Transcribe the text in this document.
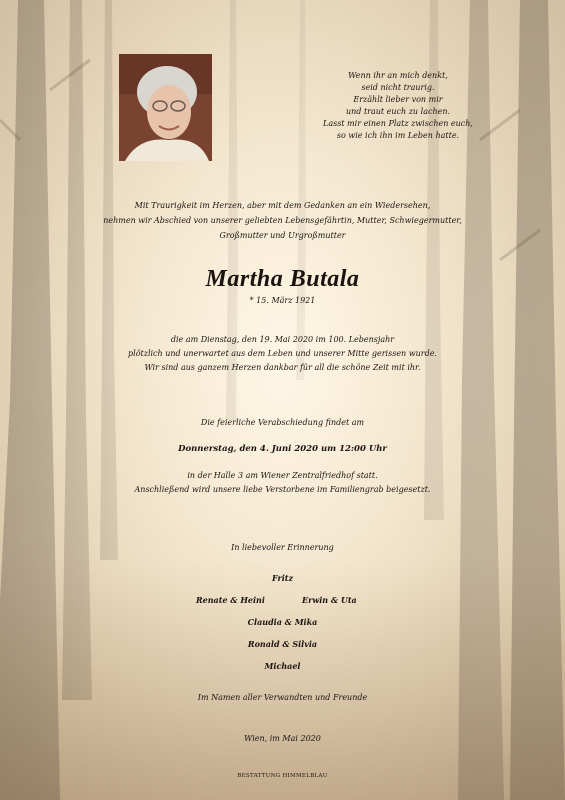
Wenn ihr an mich denkt,
seid nicht traurig.
Erzählt lieber von mir
und traut euch zu lachen.
Lasst mir einen Platz zwischen euch,
so wie ich ihn im Leben hatte.
Mit Traurigkeit im Herzen, aber mit dem Gedanken an ein Wiedersehen,
nehmen wir Abschied von unserer geliebten Lebensgefährtin, Mutter, Schwiegermutter,
Großmutter und Urgroßmutter
Martha Butala
* 15. März 1921
die am Dienstag, den 19. Mai 2020 im 100. Lebensjahr
plötzlich und unerwartet aus dem Leben und unserer Mitte gerissen wurde.
Wir sind aus ganzem Herzen dankbar für all die schöne Zeit mit ihr.
Die feierliche Verabschiedung findet am
Donnerstag, den 4. Juni 2020 um 12:00 Uhr
in der Halle 3 am Wiener Zentralfriedhof statt.
Anschließend wird unsere liebe Verstorbene im Familiengrab beigesetzt.
In liebevoller Erinnerung
Fritz
Renate & Heini	Erwin & Uta
Claudia & Mika
Ronald & Silvia
Michael
Im Namen aller Verwandten und Freunde
Wien, im Mai 2020
BESTATTUNG HIMMELBLAU
